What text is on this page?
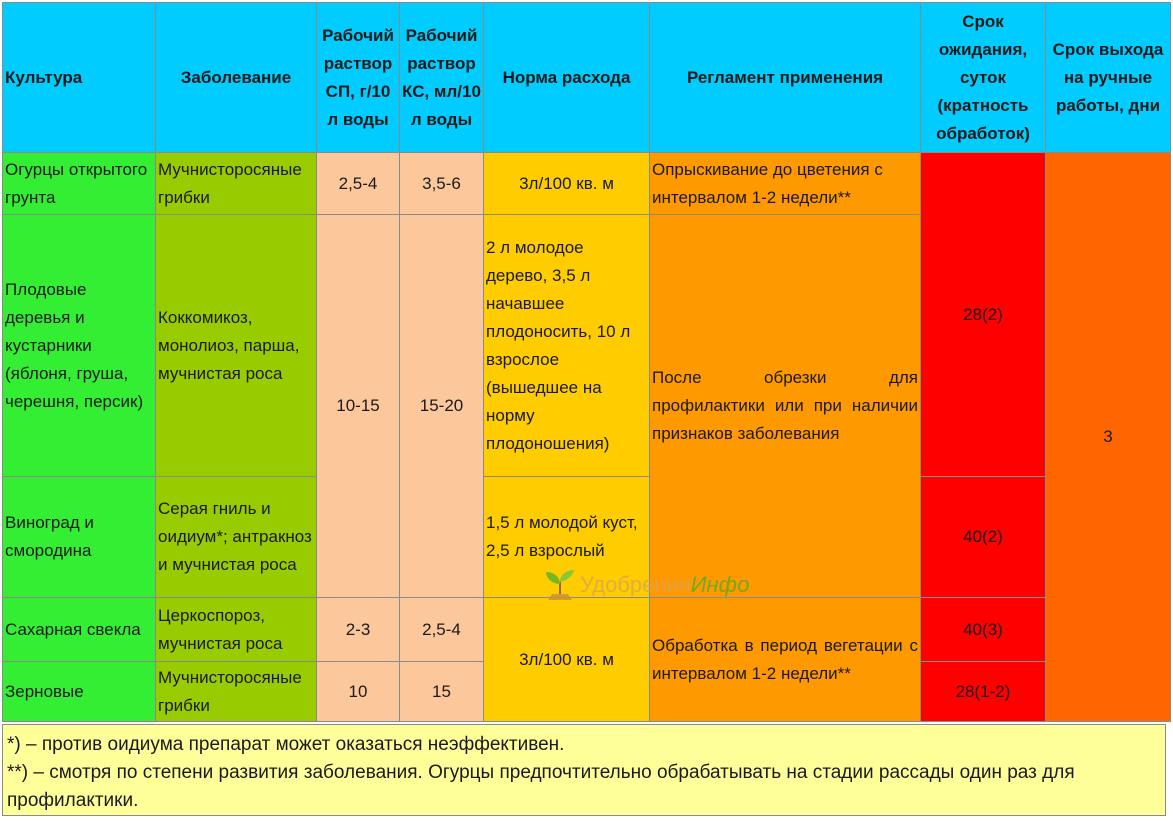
Культура	Заболевание	Рабочий раствор СП, г/10 л воды	Рабочий раствор КС, мл/10 л воды	Норма расхода	Регламент применения	Срок ожидания, суток (кратность обработок)	Срок выхода на ручные работы, дни
Огурцы открытого грунта	Мучнисторосяные грибки	2,5-4	3,5-6	3л/100 кв. м	Опрыскивание до цветения с интервалом 1-2 недели**	28(2)	3
Плодовые деревья и кустарники (яблоня, груша, черешня, персик)	Коккомикоз, монолиоз, парша, мучнистая роса	10-15	15-20	2 л молодое дерево, 3,5 л начавшее плодоносить, 10 л взрослое (вышедшее на норму плодоношения)	После обрезки для профилактики или при наличии признаков заболевания		
Виноград и смородина	Серая гниль и оидиум*; антракноз и мучнистая роса			1,5 л молодой куст, 2,5 л взрослый		40(2)	
Сахарная свекла	Церкоспороз, мучнистая роса	2-3	2,5-4	3л/100 кв. м	Обработка в период вегетации с интервалом 1-2 недели**	40(3)	
Зерновые	Мучнисторосяные грибки	10	15			28(1-2)	

*) – против оидиума препарат может оказаться неэффективен.

**) – смотря по степени развития заболевания. Огурцы предпочтительно обрабатывать на стадии рассады один раз для профилактики.

Удобрения Инфо
